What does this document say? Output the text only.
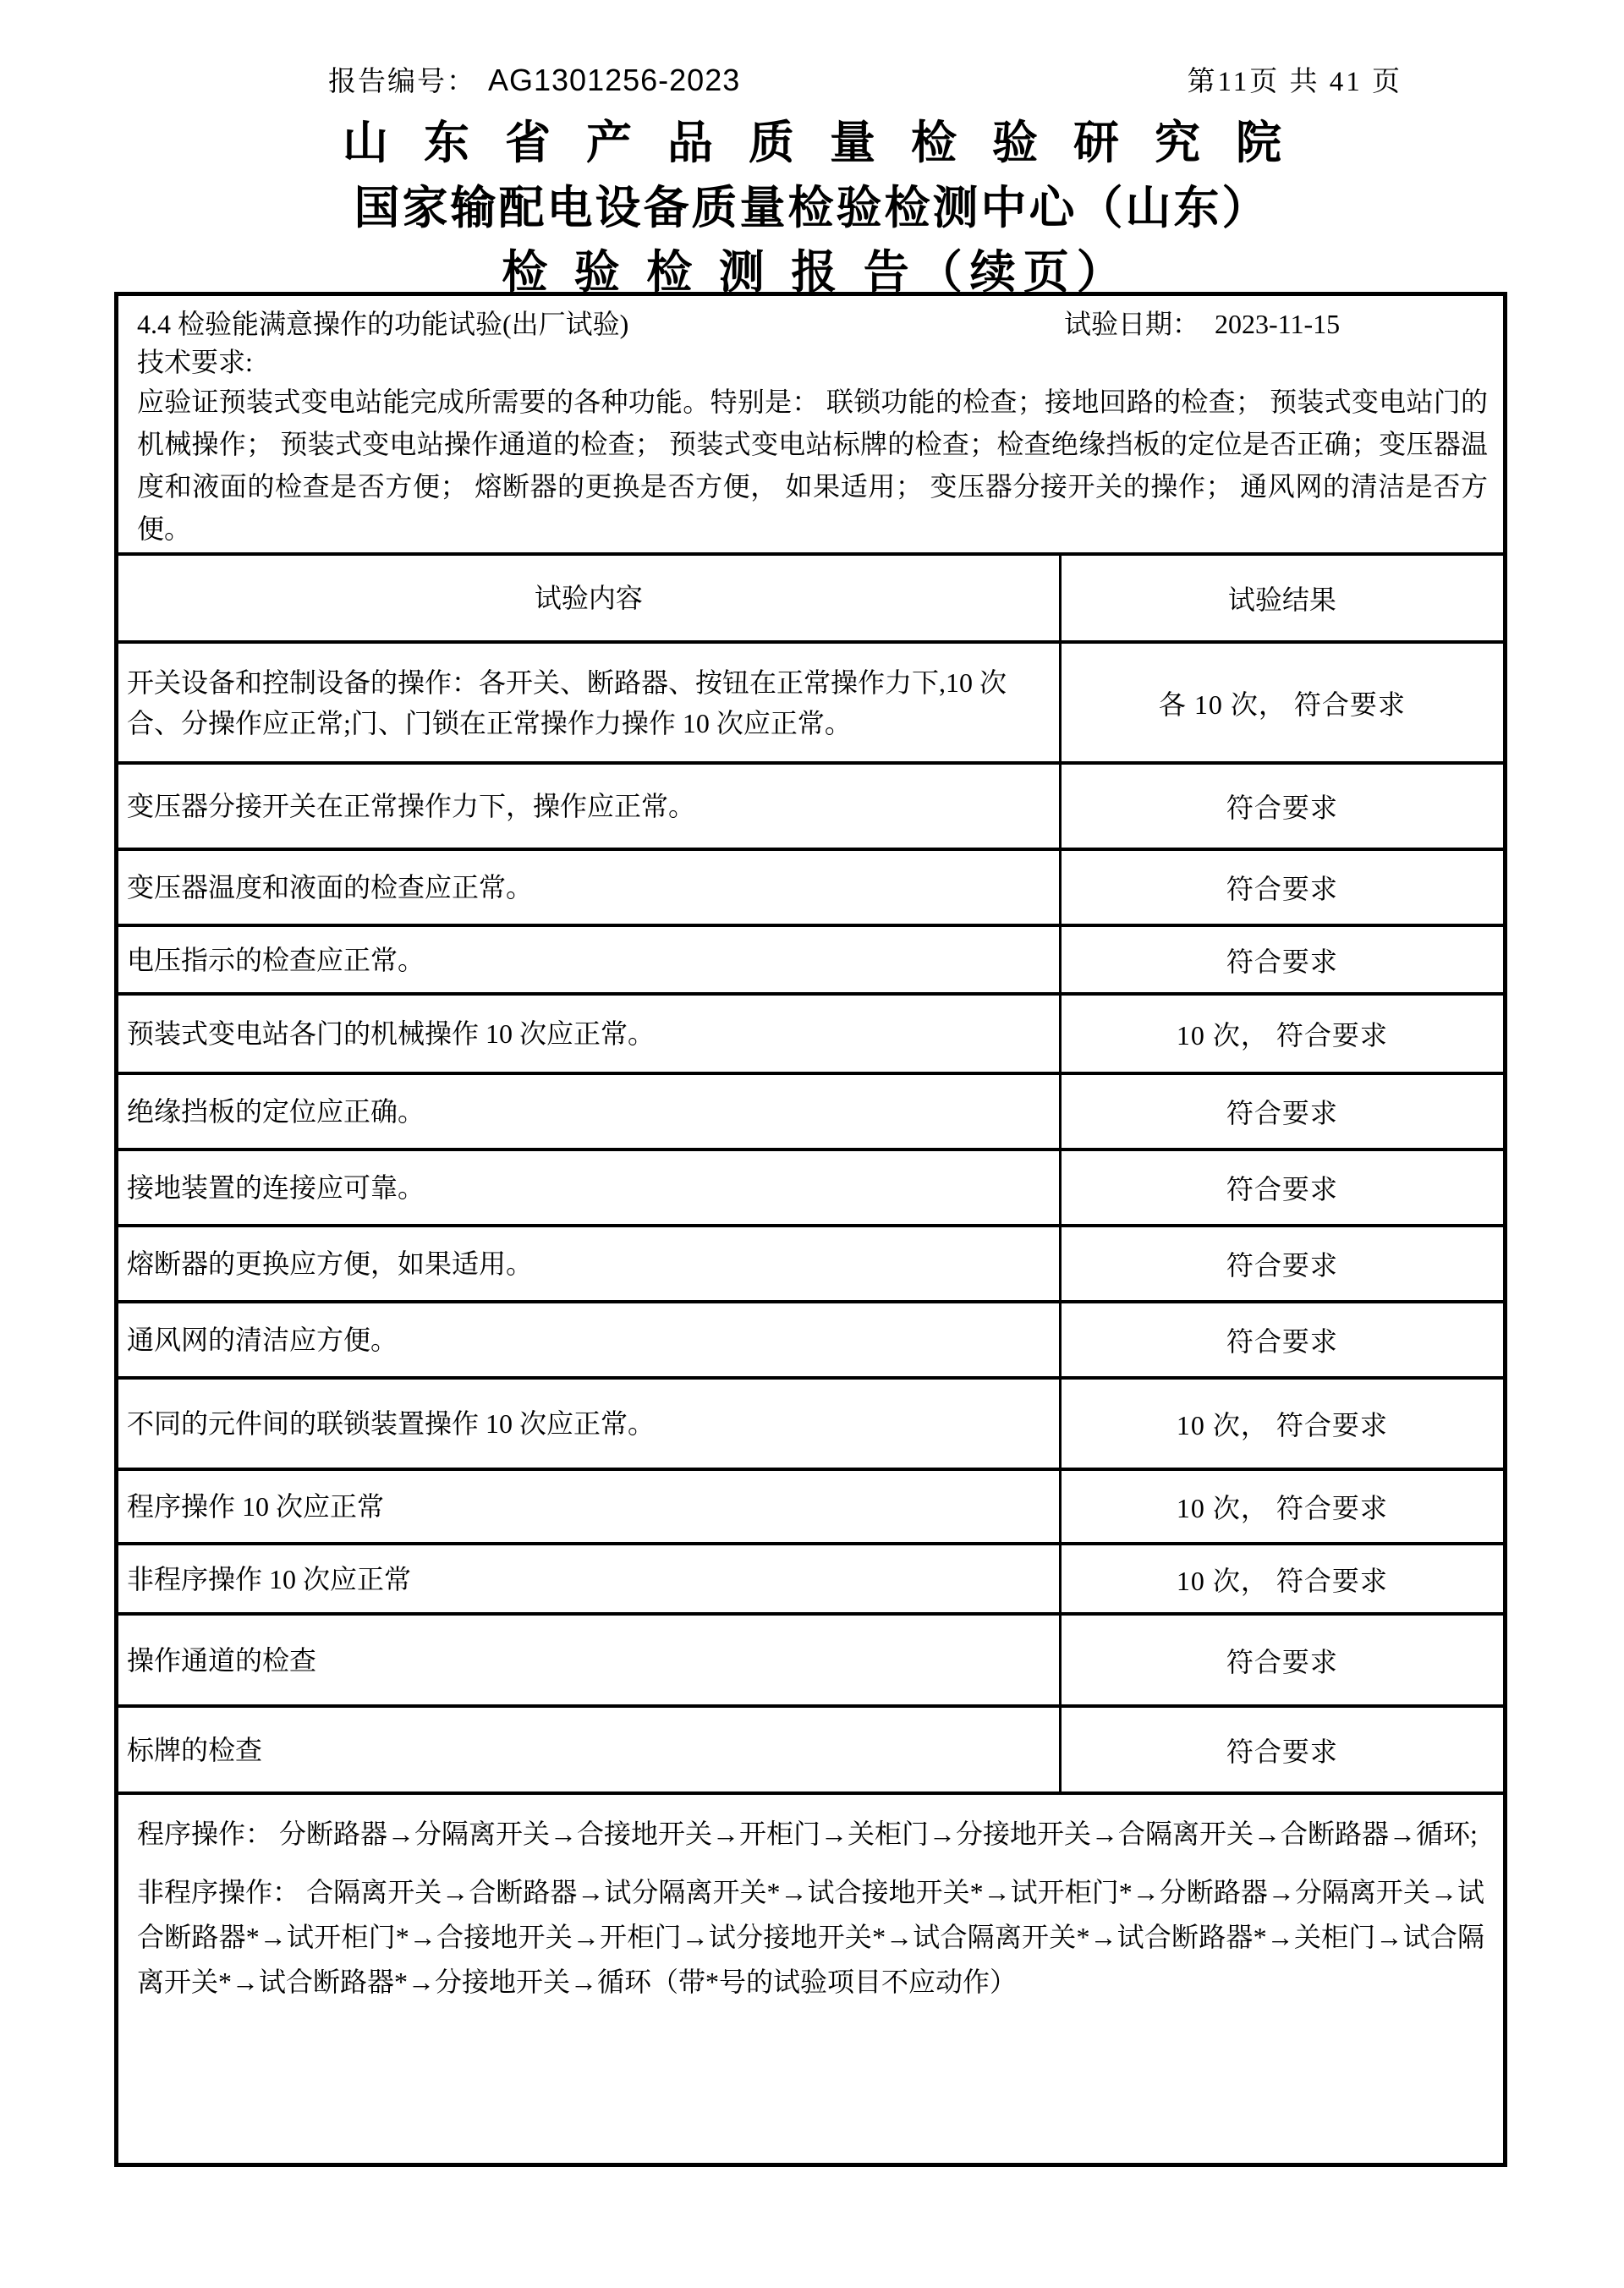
报告编号： AG1301256-2023	第11页 共 41 页
山东省产品质量检验研究院
国家输配电设备质量检验检测中心（山东）
检 验 检 测 报 告（续页）
4.4 检验能满意操作的功能试验(出厂试验)	试验日期： 2023-11-15
技术要求:

应验证预装式变电站能完成所需要的各种功能。特别是： 联锁功能的检查；接地回路的检查； 预装式变电站门的机械操作； 预装式变电站操作通道的检查； 预装式变电站标牌的检查；检查绝缘挡板的定位是否正确；变压器温度和液面的检查是否方便； 熔断器的更换是否方便， 如果适用； 变压器分接开关的操作； 通风网的清洁是否方便。

试验内容	试验结果
开关设备和控制设备的操作：各开关、断路器、按钮在正常操作力下,10 次合、分操作应正常;门、门锁在正常操作力操作 10 次应正常。	各 10 次， 符合要求
变压器分接开关在正常操作力下，操作应正常。	符合要求
变压器温度和液面的检查应正常。	符合要求
电压指示的检查应正常。	符合要求
预装式变电站各门的机械操作 10 次应正常。	10 次， 符合要求
绝缘挡板的定位应正确。	符合要求
接地装置的连接应可靠。	符合要求
熔断器的更换应方便，如果适用。	符合要求
通风网的清洁应方便。	符合要求
不同的元件间的联锁装置操作 10 次应正常。	10 次， 符合要求
程序操作 10 次应正常	10 次， 符合要求
非程序操作 10 次应正常	10 次， 符合要求
操作通道的检查	符合要求
标牌的检查	符合要求

程序操作： 分断路器→分隔离开关→合接地开关→开柜门→关柜门→分接地开关→合隔离开关→合断路器→循环;

非程序操作： 合隔离开关→合断路器→试分隔离开关*→试合接地开关*→试开柜门*→分断路器→分隔离开关→试合断路器*→试开柜门*→合接地开关→开柜门→试分接地开关*→试合隔离开关*→试合断路器*→关柜门→试合隔离开关*→试合断路器*→分接地开关→循环（带*号的试验项目不应动作）
